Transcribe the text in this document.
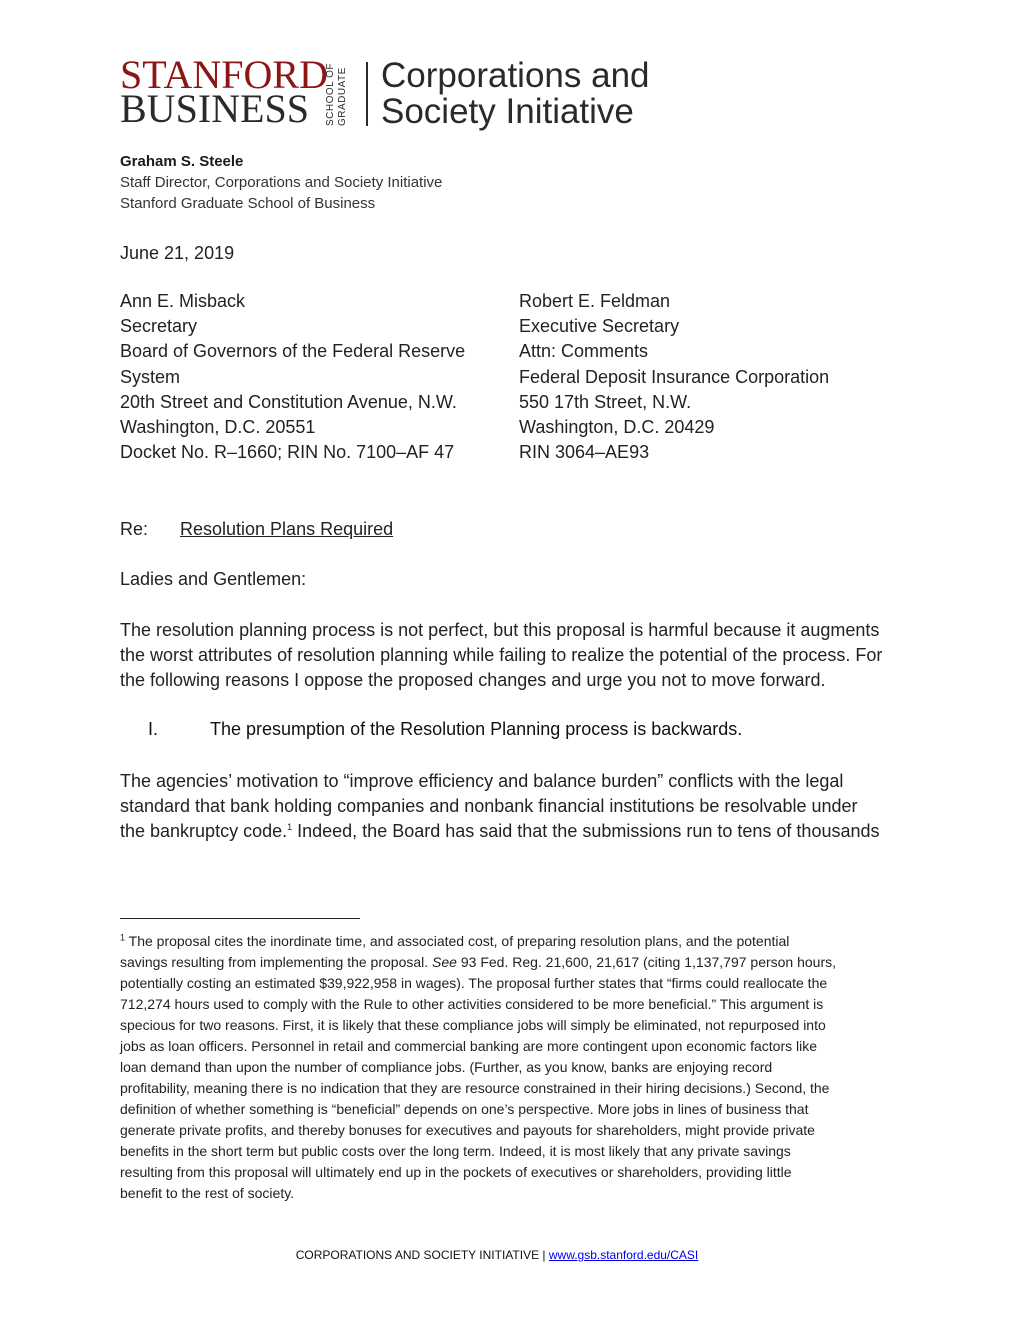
STANFORD
BUSINESS	GRADUATE
SCHOOL OF Corporations and
Society Initiative
Graham S. Steele
Staff Director, Corporations and Society Initiative
Stanford Graduate School of Business
June 21, 2019
Ann E. Misback
Secretary
Board of Governors of the Federal Reserve
System
20th Street and Constitution Avenue, N.W.
Washington, D.C. 20551
Docket No. R–1660; RIN No. 7100–AF 47
Robert E. Feldman
Executive Secretary
Attn: Comments
Federal Deposit Insurance Corporation
550 17th Street, N.W.
Washington, D.C. 20429
RIN 3064–AE93
Re: Resolution Plans Required
Ladies and Gentlemen:
The resolution planning process is not perfect, but this proposal is harmful because it augments
the worst attributes of resolution planning while failing to realize the potential of the process. For
the following reasons I oppose the proposed changes and urge you not to move forward.
I.	The presumption of the Resolution Planning process is backwards.
The agencies’ motivation to “improve efficiency and balance burden” conflicts with the legal
standard that bank holding companies and nonbank financial institutions be resolvable under
the bankruptcy code.$^1$ Indeed, the Board has said that the submissions run to tens of thousands
$^1$ The proposal cites the inordinate time, and associated cost, of preparing resolution plans, and the potential
savings resulting from implementing the proposal. See 93 Fed. Reg. 21,600, 21,617 (citing 1,137,797 person hours,
potentially costing an estimated $39,922,958 in wages). The proposal further states that “firms could reallocate the
712,274 hours used to comply with the Rule to other activities considered to be more beneficial.” This argument is
specious for two reasons. First, it is likely that these compliance jobs will simply be eliminated, not repurposed into
jobs as loan officers. Personnel in retail and commercial banking are more contingent upon economic factors like
loan demand than upon the number of compliance jobs. (Further, as you know, banks are enjoying record
profitability, meaning there is no indication that they are resource constrained in their hiring decisions.) Second, the
definition of whether something is “beneficial” depends on one’s perspective. More jobs in lines of business that
generate private profits, and thereby bonuses for executives and payouts for shareholders, might provide private
benefits in the short term but public costs over the long term. Indeed, it is most likely that any private savings
resulting from this proposal will ultimately end up in the pockets of executives or shareholders, providing little
benefit to the rest of society.
CORPORATIONS AND SOCIETY INITIATIVE | www.gsb.stanford.edu/CASI
